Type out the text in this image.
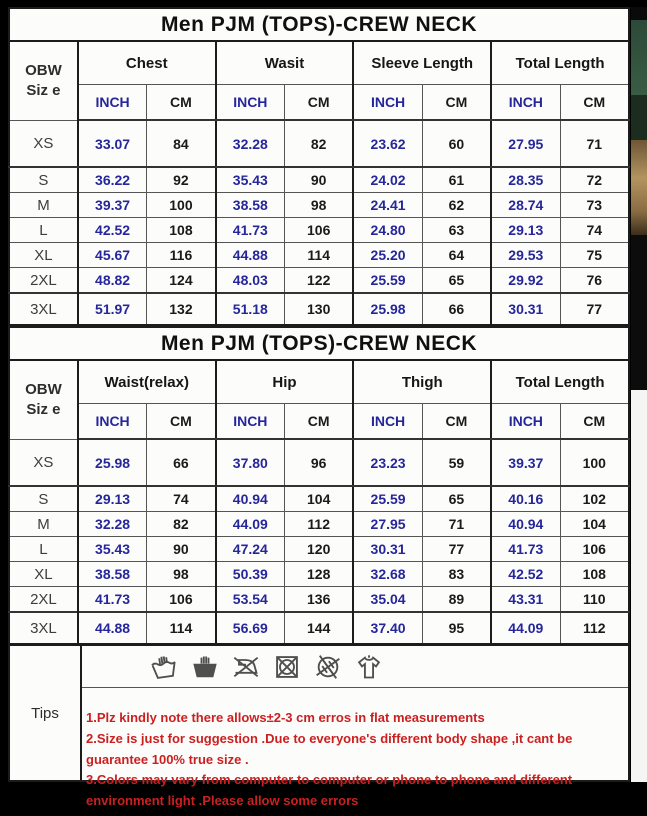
Men PJM (TOPS)-CREW NECK								
OBW
Siz e	Chest		Wasit		Sleeve Length		Total Length	
	INCH	CM	INCH	CM	INCH	CM	INCH	CM
XS	33.07	84	32.28	82	23.62	60	27.95	71
S	36.22	92	35.43	90	24.02	61	28.35	72
M	39.37	100	38.58	98	24.41	62	28.74	73
L	42.52	108	41.73	106	24.80	63	29.13	74
XL	45.67	116	44.88	114	25.20	64	29.53	75
2XL	48.82	124	48.03	122	25.59	65	29.92	76
3XL	51.97	132	51.18	130	25.98	66	30.31	77
Men PJM (TOPS)-CREW NECK								
OBW
Siz e	Waist(relax)		Hip		Thigh		Total Length	
	INCH	CM	INCH	CM	INCH	CM	INCH	CM
XS	25.98	66	37.80	96	23.23	59	39.37	100
S	29.13	74	40.94	104	25.59	65	40.16	102
M	32.28	82	44.09	112	27.95	71	40.94	104
L	35.43	90	47.24	120	30.31	77	41.73	106
XL	38.58	98	50.39	128	32.68	83	42.52	108
2XL	41.73	106	53.54	136	35.04	89	43.31	110
3XL	44.88	114	56.69	144	37.40	95	44.09	112
Tips	1.Plz kindly note there allows±2-3 cm erros in flat measurements

2.Size is just for suggestion .Due to everyone's different body shape ,it cant be guarantee 100% true size .

3.Colors may vary from computer to computer or phone to phone and different environment light .Please allow some errors
